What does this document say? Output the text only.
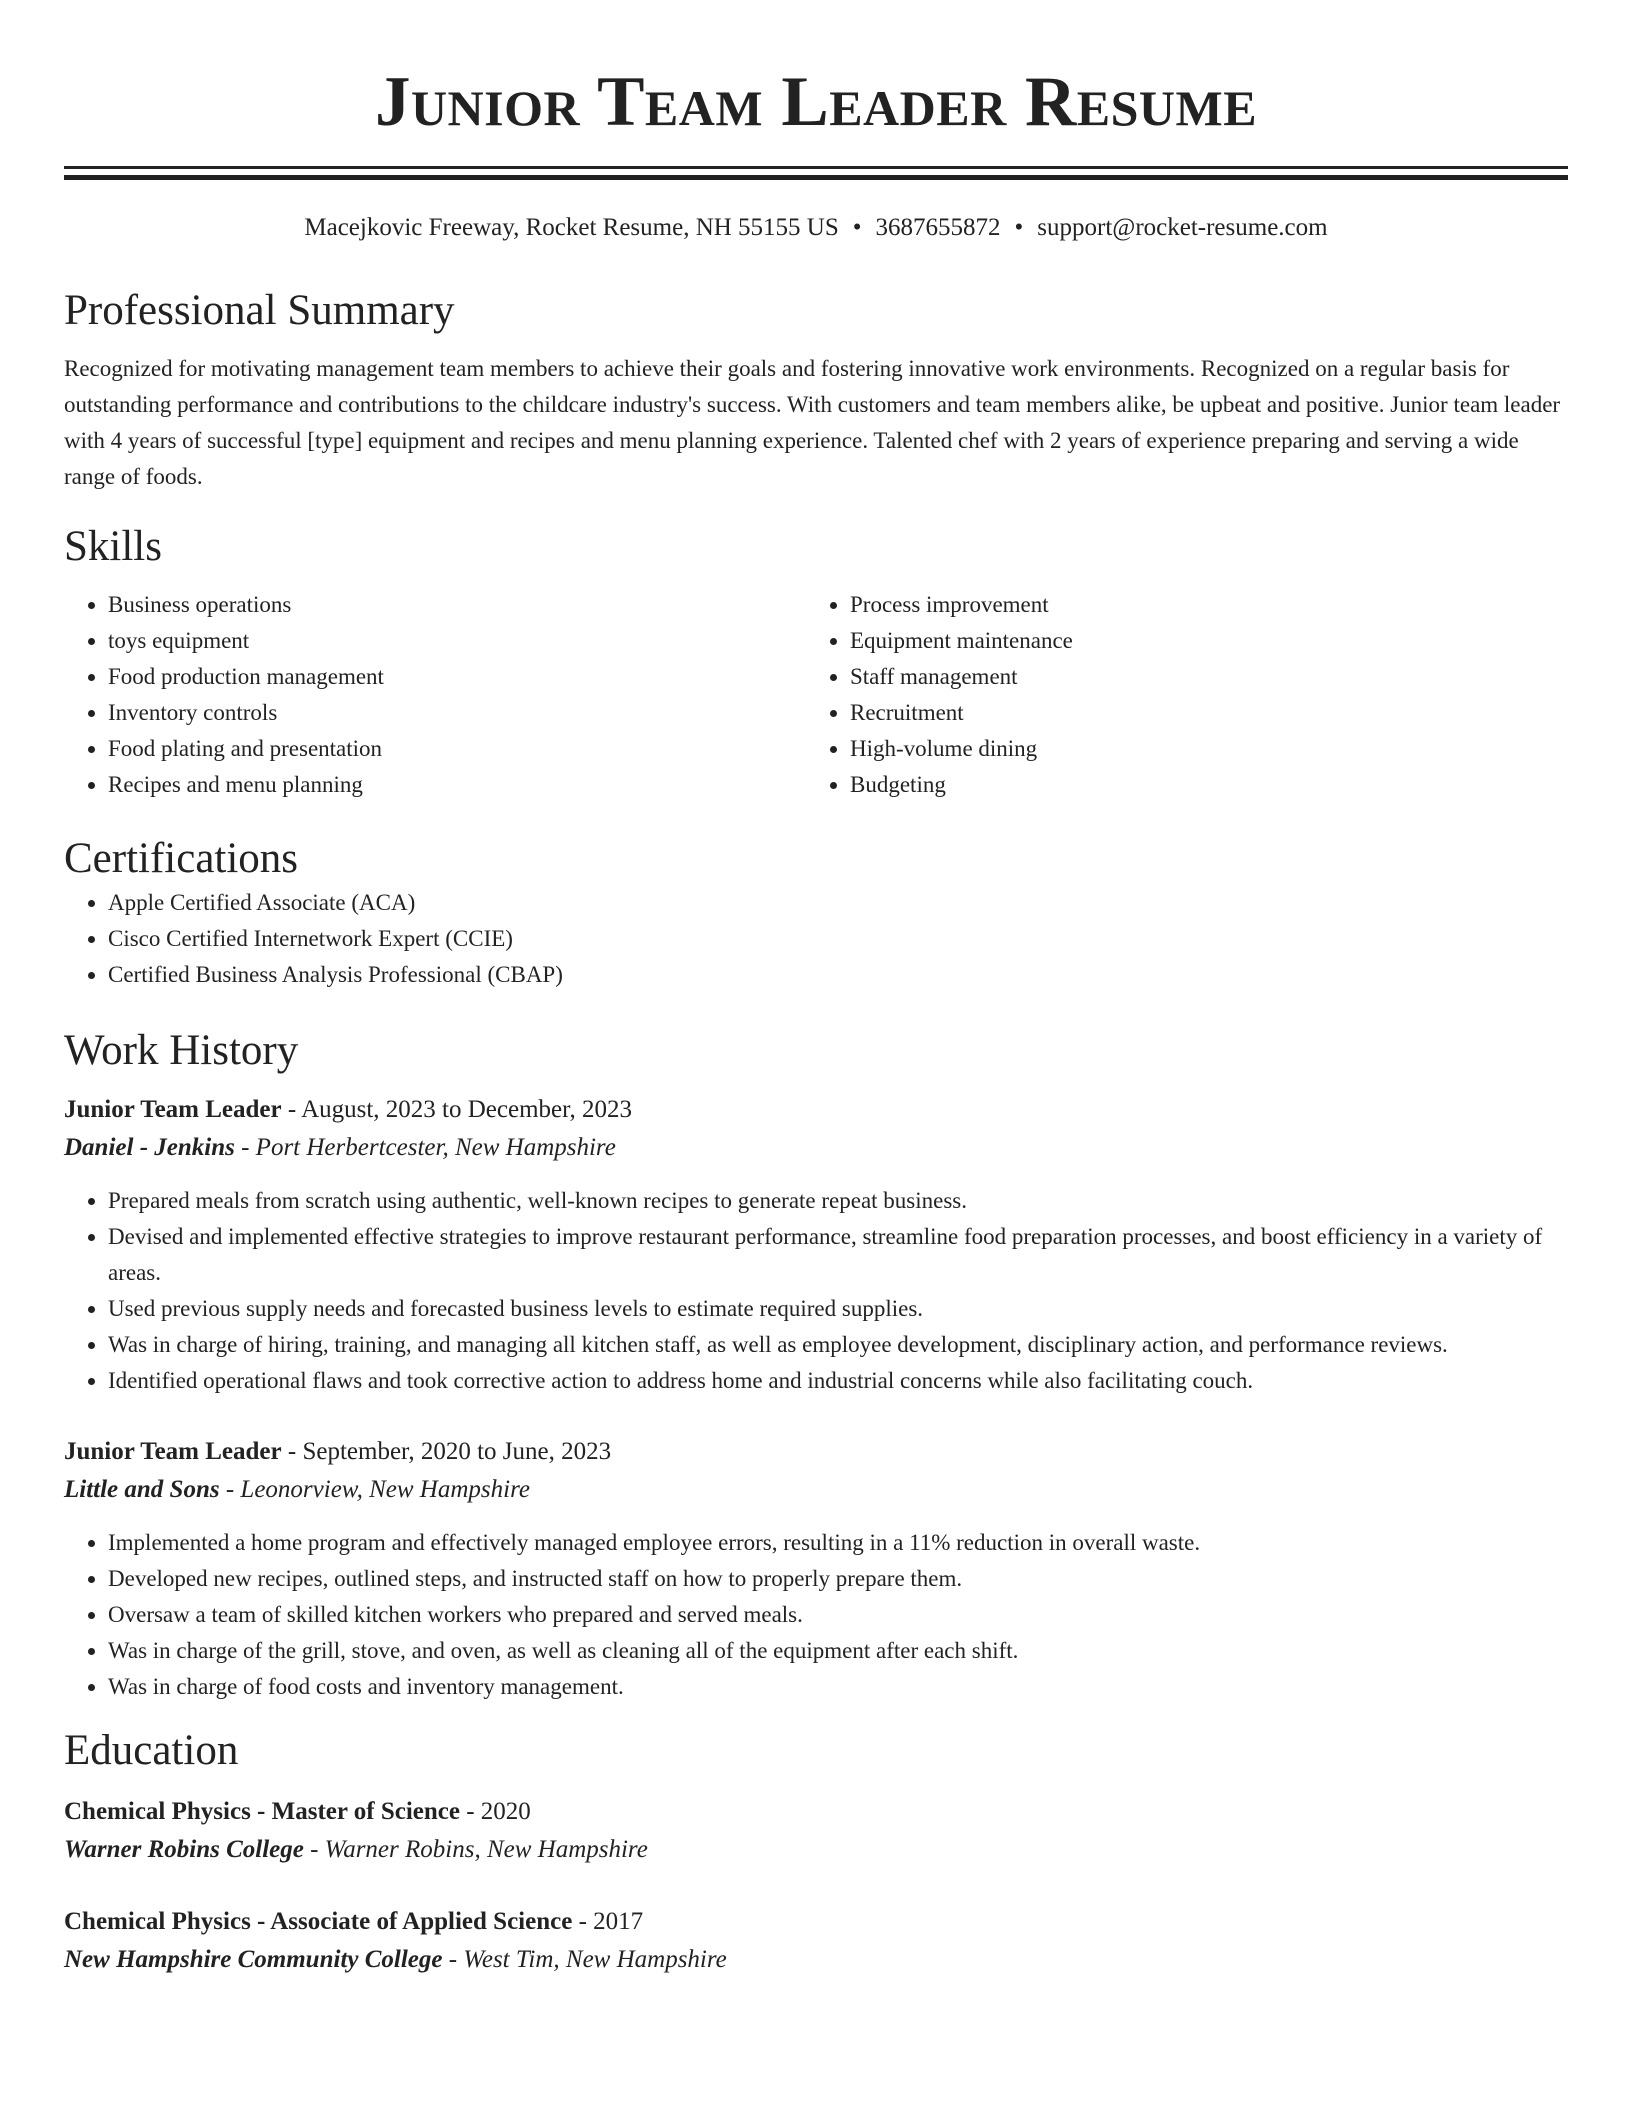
Junior Team Leader Resume
Macejkovic Freeway, Rocket Resume, NH 55155 US • 3687655872 • support@rocket-resume.com
Professional Summary

Recognized for motivating management team members to achieve their goals and fostering innovative work environments. Recognized on a regular basis for outstanding performance and contributions to the childcare industry's success. With customers and team members alike, be upbeat and positive. Junior team leader with 4 years of successful [type] equipment and recipes and menu planning experience. Talented chef with 2 years of experience preparing and serving a wide range of foods.

Skills
• Business operations
• toys equipment
• Food production management
• Inventory controls
• Food plating and presentation
• Recipes and menu planning
• Process improvement
• Equipment maintenance
• Staff management
• Recruitment
• High-volume dining
• Budgeting
Certifications
• Apple Certified Associate (ACA)
• Cisco Certified Internetwork Expert (CCIE)
• Certified Business Analysis Professional (CBAP)
Work History
Junior Team Leader - August, 2023 to December, 2023
Daniel - Jenkins - Port Herbertcester, New Hampshire
• Prepared meals from scratch using authentic, well-known recipes to generate repeat business.
• Devised and implemented effective strategies to improve restaurant performance, streamline food preparation processes, and boost efficiency in a variety of areas.
• Used previous supply needs and forecasted business levels to estimate required supplies.
• Was in charge of hiring, training, and managing all kitchen staff, as well as employee development, disciplinary action, and performance reviews.
• Identified operational flaws and took corrective action to address home and industrial concerns while also facilitating couch.
Junior Team Leader - September, 2020 to June, 2023
Little and Sons - Leonorview, New Hampshire
• Implemented a home program and effectively managed employee errors, resulting in a 11% reduction in overall waste.
• Developed new recipes, outlined steps, and instructed staff on how to properly prepare them.
• Oversaw a team of skilled kitchen workers who prepared and served meals.
• Was in charge of the grill, stove, and oven, as well as cleaning all of the equipment after each shift.
• Was in charge of food costs and inventory management.
Education
Chemical Physics - Master of Science - 2020
Warner Robins College - Warner Robins, New Hampshire
Chemical Physics - Associate of Applied Science - 2017
New Hampshire Community College - West Tim, New Hampshire
